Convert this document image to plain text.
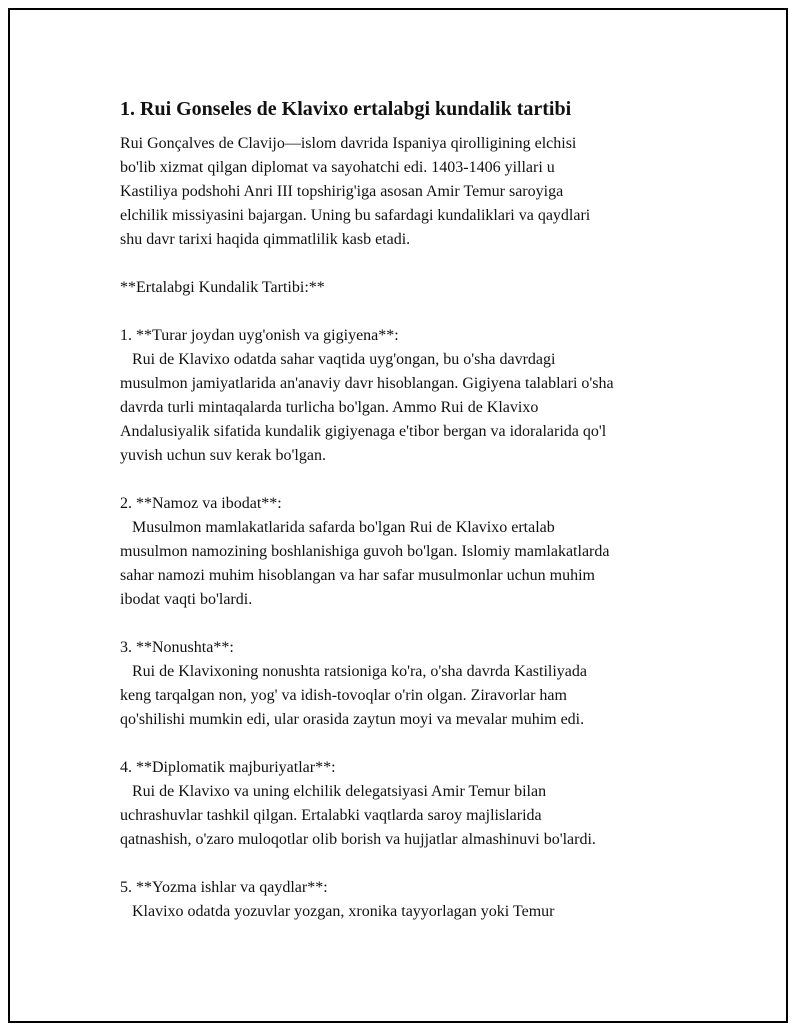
1. Rui Gonseles de Klavixo ertalabgi kundalik tartibi
Rui Gonçalves de Clavijo—islom davrida Ispaniya qirolligining elchisi
bo'lib xizmat qilgan diplomat va sayohatchi edi. 1403-1406 yillari u
Kastiliya podshohi Anri III topshirig'iga asosan Amir Temur saroyiga
elchilik missiyasini bajargan. Uning bu safardagi kundaliklari va qaydlari
shu davr tarixi haqida qimmatlilik kasb etadi.
**Ertalabgi Kundalik Tartibi:**
1. **Turar joydan uyg'onish va gigiyena**:
Rui de Klavixo odatda sahar vaqtida uyg'ongan, bu o'sha davrdagi
musulmon jamiyatlarida an'anaviy davr hisoblangan. Gigiyena talablari o'sha
davrda turli mintaqalarda turlicha bo'lgan. Ammo Rui de Klavixo
Andalusiyalik sifatida kundalik gigiyenaga e'tibor bergan va idoralarida qo'l
yuvish uchun suv kerak bo'lgan.
2. **Namoz va ibodat**:
Musulmon mamlakatlarida safarda bo'lgan Rui de Klavixo ertalab
musulmon namozining boshlanishiga guvoh bo'lgan. Islomiy mamlakatlarda
sahar namozi muhim hisoblangan va har safar musulmonlar uchun muhim
ibodat vaqti bo'lardi.
3. **Nonushta**:
Rui de Klavixoning nonushta ratsioniga ko'ra, o'sha davrda Kastiliyada
keng tarqalgan non, yog' va idish-tovoqlar o'rin olgan. Ziravorlar ham
qo'shilishi mumkin edi, ular orasida zaytun moyi va mevalar muhim edi.
4. **Diplomatik majburiyatlar**:
Rui de Klavixo va uning elchilik delegatsiyasi Amir Temur bilan
uchrashuvlar tashkil qilgan. Ertalabki vaqtlarda saroy majlislarida
qatnashish, o'zaro muloqotlar olib borish va hujjatlar almashinuvi bo'lardi.
5. **Yozma ishlar va qaydlar**:
Klavixo odatda yozuvlar yozgan, xronika tayyorlagan yoki Temur
